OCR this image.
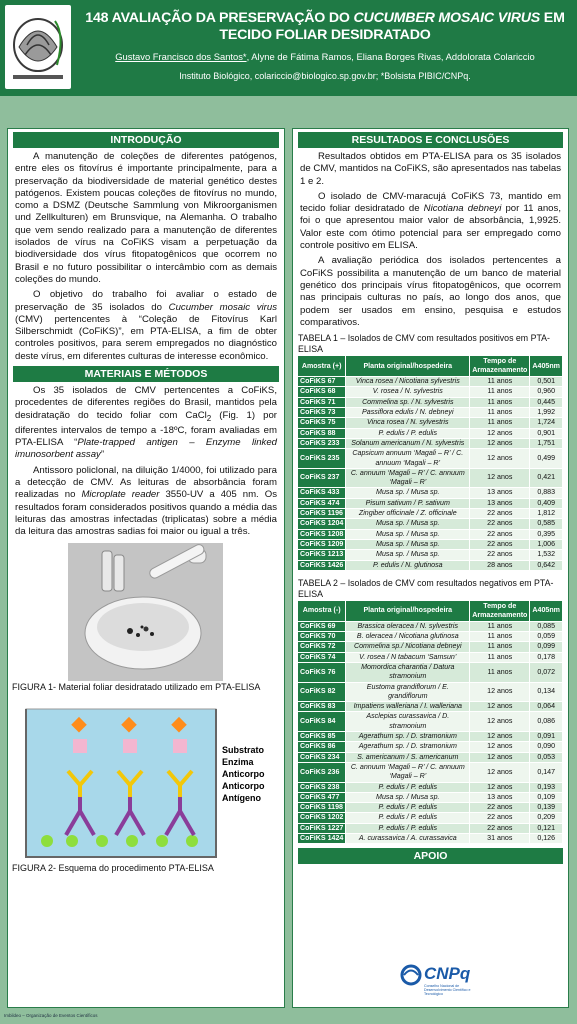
148 AVALIAÇÃO DA PRESERVAÇÃO DO CUCUMBER MOSAIC VIRUS EM TECIDO FOLIAR DESIDRATADO
Gustavo Francisco dos Santos*, Alyne de Fátima Ramos, Eliana Borges Rivas, Addolorata Colariccio
Instituto Biológico, colariccio@biologico.sp.gov.br; *Bolsista PIBIC/CNPq.
INTRODUÇÃO

A manutenção de coleções de diferentes patógenos, entre eles os fitovírus é importante principalmente, para a preservação da biodiversidade de material genético destes patógenos. Existem poucas coleções de fitovírus no mundo, como a DSMZ (Deutsche Sammlung von Mikroorganismen und Zellkulturen) em Brunsvique, na Alemanha. O trabalho que vem sendo realizado para a manutenção de diferentes isolados de vírus na CoFiKS visam a perpetuação da biodiversidade dos vírus fitopatogênicos que ocorrem no Brasil e no futuro possibilitar o intercâmbio com as demais coleções do mundo.

O objetivo do trabalho foi avaliar o estado de preservação de 35 isolados do Cucumber mosaic virus (CMV) pertencentes à “Coleção de Fitovírus Karl Silberschmidt (CoFiKS)”, em PTA-ELISA, a fim de obter controles positivos, para serem empregados no diagnóstico deste vírus, em diferentes culturas de interesse econômico.

MATERIAIS E MÉTODOS

Os 35 isolados de CMV pertencentes a CoFiKS, procedentes de diferentes regiões do Brasil, mantidos pela desidratação do tecido foliar com CaCl$_2$ (Fig. 1) por diferentes intervalos de tempo a -18ºC, foram avaliadas em PTA-ELISA “Plate-trapped antigen – Enzyme linked imunosorbent assay”

Antissoro policlonal, na diluição 1/4000, foi utilizado para a detecção de CMV. As leituras de absorbância foram realizadas no Microplate reader 3550-UV a 405 nm. Os resultados foram considerados positivos quando a média das leituras das amostras infectadas (triplicatas) sobre a média da leitura das amostras sadias foi maior ou igual a três.

FIGURA 1- Material foliar desidratado utilizado em PTA-ELISA
Substrato
Enzima
Anticorpo
Anticorpo
Antígeno
FIGURA 2- Esquema do procedimento PTA-ELISA
RESULTADOS E CONCLUSÕES

Resultados obtidos em PTA-ELISA para os 35 isolados de CMV, mantidos na CoFiKS, são apresentados nas tabelas 1 e 2.

O isolado de CMV-maracujá CoFiKS 73, mantido em tecido foliar desidratado de Nicotiana debneyi por 11 anos, foi o que apresentou maior valor de absorbância, 1,9925. Valor este com ótimo potencial para ser empregado como controle positivo em ELISA.

A avaliação periódica dos isolados pertencentes a CoFiKS possibilita a manutenção de um banco de material genético dos principais vírus fitopatogênicos, que ocorrem nas principais culturas no país, ao longo dos anos, que podem ser usados em ensino, pesquisa e estudos comparativos.

TABELA 1 – Isolados de CMV com resultados positivos em PTA-ELISA
Amostra (+)	Planta original/hospedeira	Tempo de Armazenamento	A405nm
CoFiKS 67	Vinca rosea / Nicotiana sylvestris	11 anos	0,501
CoFiKS 68	V. rosea / N. sylvestris	11 anos	0,960
CoFiKS 71	Commelina sp. / N. sylvestris	11 anos	0,445
CoFiKS 73	Passiflora edulis / N. debneyi	11 anos	1,992
CoFiKS 75	Vinca rosea / N. sylvestris	11 anos	1,724
CoFiKS 88	P. edulis / P. edulis	12 anos	0,901
CoFiKS 233	Solanum americanum / N. sylvestris	12 anos	1,751
CoFiKS 235	Capsicum annuum ‘Magali – R’ / C. annuum ‘Magali – R’	12 anos	0,499
CoFiKS 237	C. annuum ‘Magali – R’ / C. annuum ‘Magali – R’	12 anos	0,421
CoFiKS 433	Musa sp. / Musa sp.	13 anos	0,883
CoFiKS 474	Pisum sativum / P. sativum	13 anos	0,409
CoFiKS 1196	Zingiber officinale / Z. officinale	22 anos	1,812
CoFiKS 1204	Musa sp. / Musa sp.	22 anos	0,585
CoFiKS 1208	Musa sp. / Musa sp.	22 anos	0,395
CoFiKS 1209	Musa sp. / Musa sp.	22 anos	1,006
CoFiKS 1213	Musa sp. / Musa sp.	22 anos	1,532
CoFiKS 1426	P. edulis / N. glutinosa	28 anos	0,642
TABELA 2 – Isolados de CMV com resultados negativos em PTA-ELISA
Amostra (-)	Planta original/hospedeira	Tempo de Armazenamento	A405nm
CoFiKS 69	Brassica oleracea / N. sylvestris	11 anos	0,085
CoFiKS 70	B. oleracea / Nicotiana glutinosa	11 anos	0,059
CoFiKS 72	Commelina sp./ Nicotiana debneyi	11 anos	0,099
CoFiKS 74	V. rosea / N tabacum ‘Samsun’	11 anos	0,178
CoFiKS 76	Momordica charantia / Datura stramonium	11 anos	0,072
CoFiKS 82	Eustoma grandiflorum / E. grandiflorum	12 anos	0,134
CoFiKS 83	Impatiens walleriana / I. walleriana	12 anos	0,064
CoFiKS 84	Asclepias curassavica / D. stramonium	12 anos	0,086
CoFiKS 85	Agerathum sp. / D. stramonium	12 anos	0,091
CoFiKS 86	Agerathum sp. / D. stramonium	12 anos	0,090
CoFiKS 234	S. americanum / S. americanum	12 anos	0,053
CoFiKS 236	C. annuum ‘Magali – R’ / C. annuum ‘Magali – R’	12 anos	0,147
CoFiKS 238	P. edulis / P. edulis	12 anos	0,193
CoFiKS 477	Musa sp. / Musa sp.	13 anos	0,109
CoFiKS 1198	P. edulis / P. edulis	22 anos	0,139
CoFiKS 1202	P. edulis / P. edulis	22 anos	0,209
CoFiKS 1227	P. edulis / P. edulis	22 anos	0,121
CoFiKS 1424	A. curassavica / A. curassavica	31 anos	0,126
APOIO
CNPq
Conselho Nacional de Desenvolvimento Científico e Tecnológico
Imbildeo – Organização de Eventos Científicos
